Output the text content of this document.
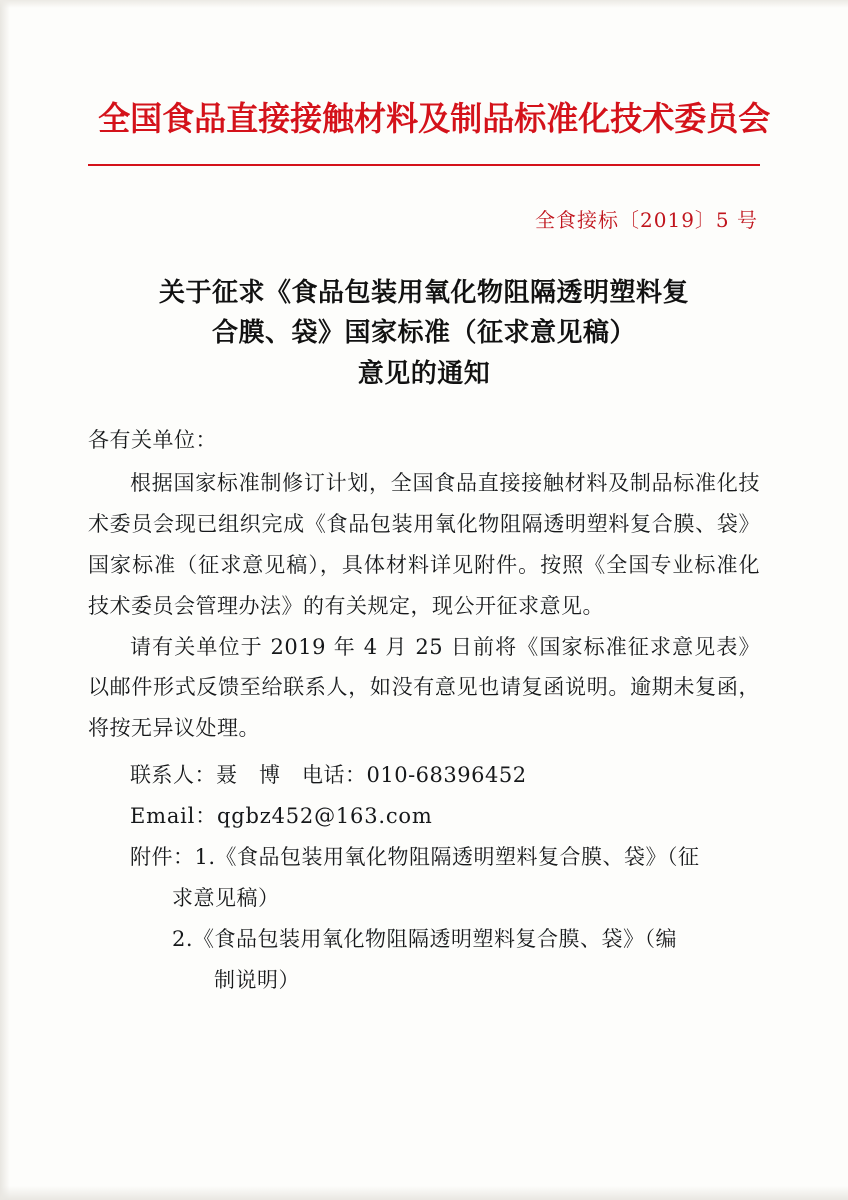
全国食品直接接触材料及制品标准化技术委员会
全食接标〔2019〕5 号
关于征求《食品包装用氧化物阻隔透明塑料复
合膜、袋》国家标准（征求意见稿）
意见的通知

各有关单位：

根据国家标准制修订计划，全国食品直接接触材料及制品标准化技术委员会现已组织完成《食品包装用氧化物阻隔透明塑料复合膜、袋》国家标准（征求意见稿），具体材料详见附件。按照《全国专业标准化技术委员会管理办法》的有关规定，现公开征求意见。

请有关单位于 2019 年 4 月 25 日前将《国家标准征求意见表》以邮件形式反馈至给联系人，如没有意见也请复函说明。逾期未复函，将按无异议处理。

联系人：聂　博　电话：010-68396452

Email：qgbz452@163.com

附件：1.《食品包装用氧化物阻隔透明塑料复合膜、袋》（征

求意见稿）

2.《食品包装用氧化物阻隔透明塑料复合膜、袋》（编

制说明）
